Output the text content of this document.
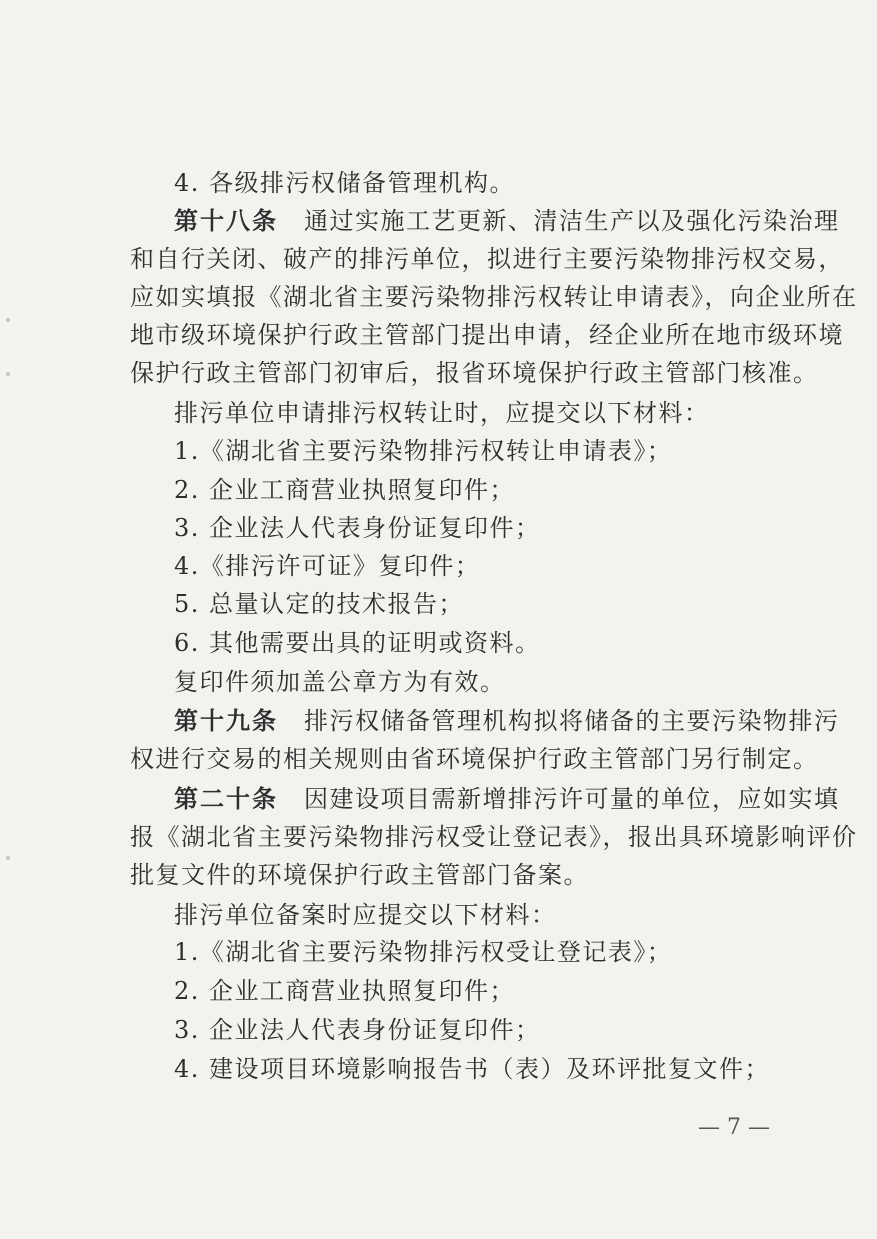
4. 各级排污权储备管理机构。
第十八条 通过实施工艺更新、清洁生产以及强化污染治理
和自行关闭、破产的排污单位，拟进行主要污染物排污权交易，
应如实填报《湖北省主要污染物排污权转让申请表》，向企业所在
地市级环境保护行政主管部门提出申请，经企业所在地市级环境
保护行政主管部门初审后，报省环境保护行政主管部门核准。
排污单位申请排污权转让时，应提交以下材料：
1.《湖北省主要污染物排污权转让申请表》；
2. 企业工商营业执照复印件；
3. 企业法人代表身份证复印件；
4.《排污许可证》复印件；
5. 总量认定的技术报告；
6. 其他需要出具的证明或资料。
复印件须加盖公章方为有效。
第十九条 排污权储备管理机构拟将储备的主要污染物排污
权进行交易的相关规则由省环境保护行政主管部门另行制定。
第二十条 因建设项目需新增排污许可量的单位，应如实填
报《湖北省主要污染物排污权受让登记表》，报出具环境影响评价
批复文件的环境保护行政主管部门备案。
排污单位备案时应提交以下材料：
1.《湖北省主要污染物排污权受让登记表》；
2. 企业工商营业执照复印件；
3. 企业法人代表身份证复印件；
4. 建设项目环境影响报告书（表）及环评批复文件；
— 7 —
